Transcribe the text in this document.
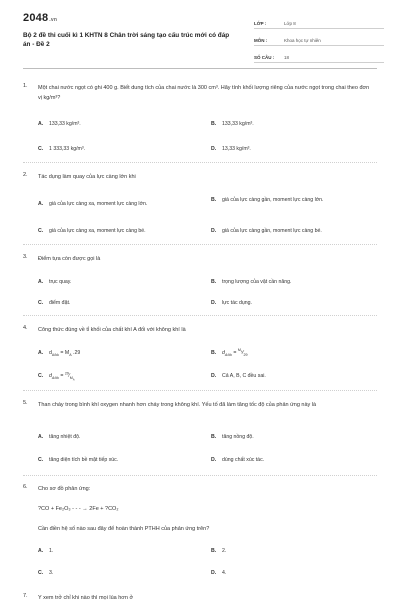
2048.vn
Bộ 2 đề thi cuối kì 1 KHTN 8 Chân trời sáng tạo cấu trúc mới có đáp án - Đề 2
LỚP :	Lớp 8
MÔN :	Khoa học tự nhiên
SỐ CÂU : 18
1. Một chai nước ngọt có ghi 400 g. Biết dung tích của chai nước là 300 cm³. Hãy tính khối lượng riêng của nước ngọt trong chai theo đơn vị kg/m³?
A. 133,33 kg/m³.	B. 133,33 kg/m³.
C. 1 333,33 kg/m³.	D. 13,33 kg/m³.
2. Tác dụng làm quay của lực càng lớn khi
A. giá của lực càng xa, moment lực càng lớn.
B. giá của lực càng gần, moment lực càng lớn.
C. giá của lực càng xa, moment lực càng bé.	D. giá của lực càng gần, moment lực càng bé.
3. Điểm tựa còn được gọi là
A. trục quay.	B. trọng lượng của vật cần nâng.
C. điểm đặt.	D. lực tác dụng.
4. Công thức đúng về tỉ khối của chất khí A đối với không khí là
A. $d_{A/kk} = M_A$ .29	B. $d_{A/kk}$ = $^{M_A}⁄_{29}$
C. $d_{A/kk}$ = $^{29}⁄_{M_A}$
D. Cả A, B, C đều sai.
5. Than cháy trong bình khí oxygen nhanh hơn cháy trong không khí. Yếu tố đã làm tăng tốc độ của phản ứng này là
A. tăng nhiệt độ.	B. tăng nồng độ.
C. tăng diện tích bề mặt tiếp xúc.	D. dùng chất xúc tác.
6. Cho sơ đồ phản ứng:
?CO + Fe₂O₃ - - - → 2Fe + ?CO₂
Cần điền hệ số nào sau đây để hoàn thành PTHH của phản ứng trên?
A. 1.	B. 2.
C. 3.	D. 4.
7. Y xem trở chỉ khi nào thì mọi lúa hơn ở
